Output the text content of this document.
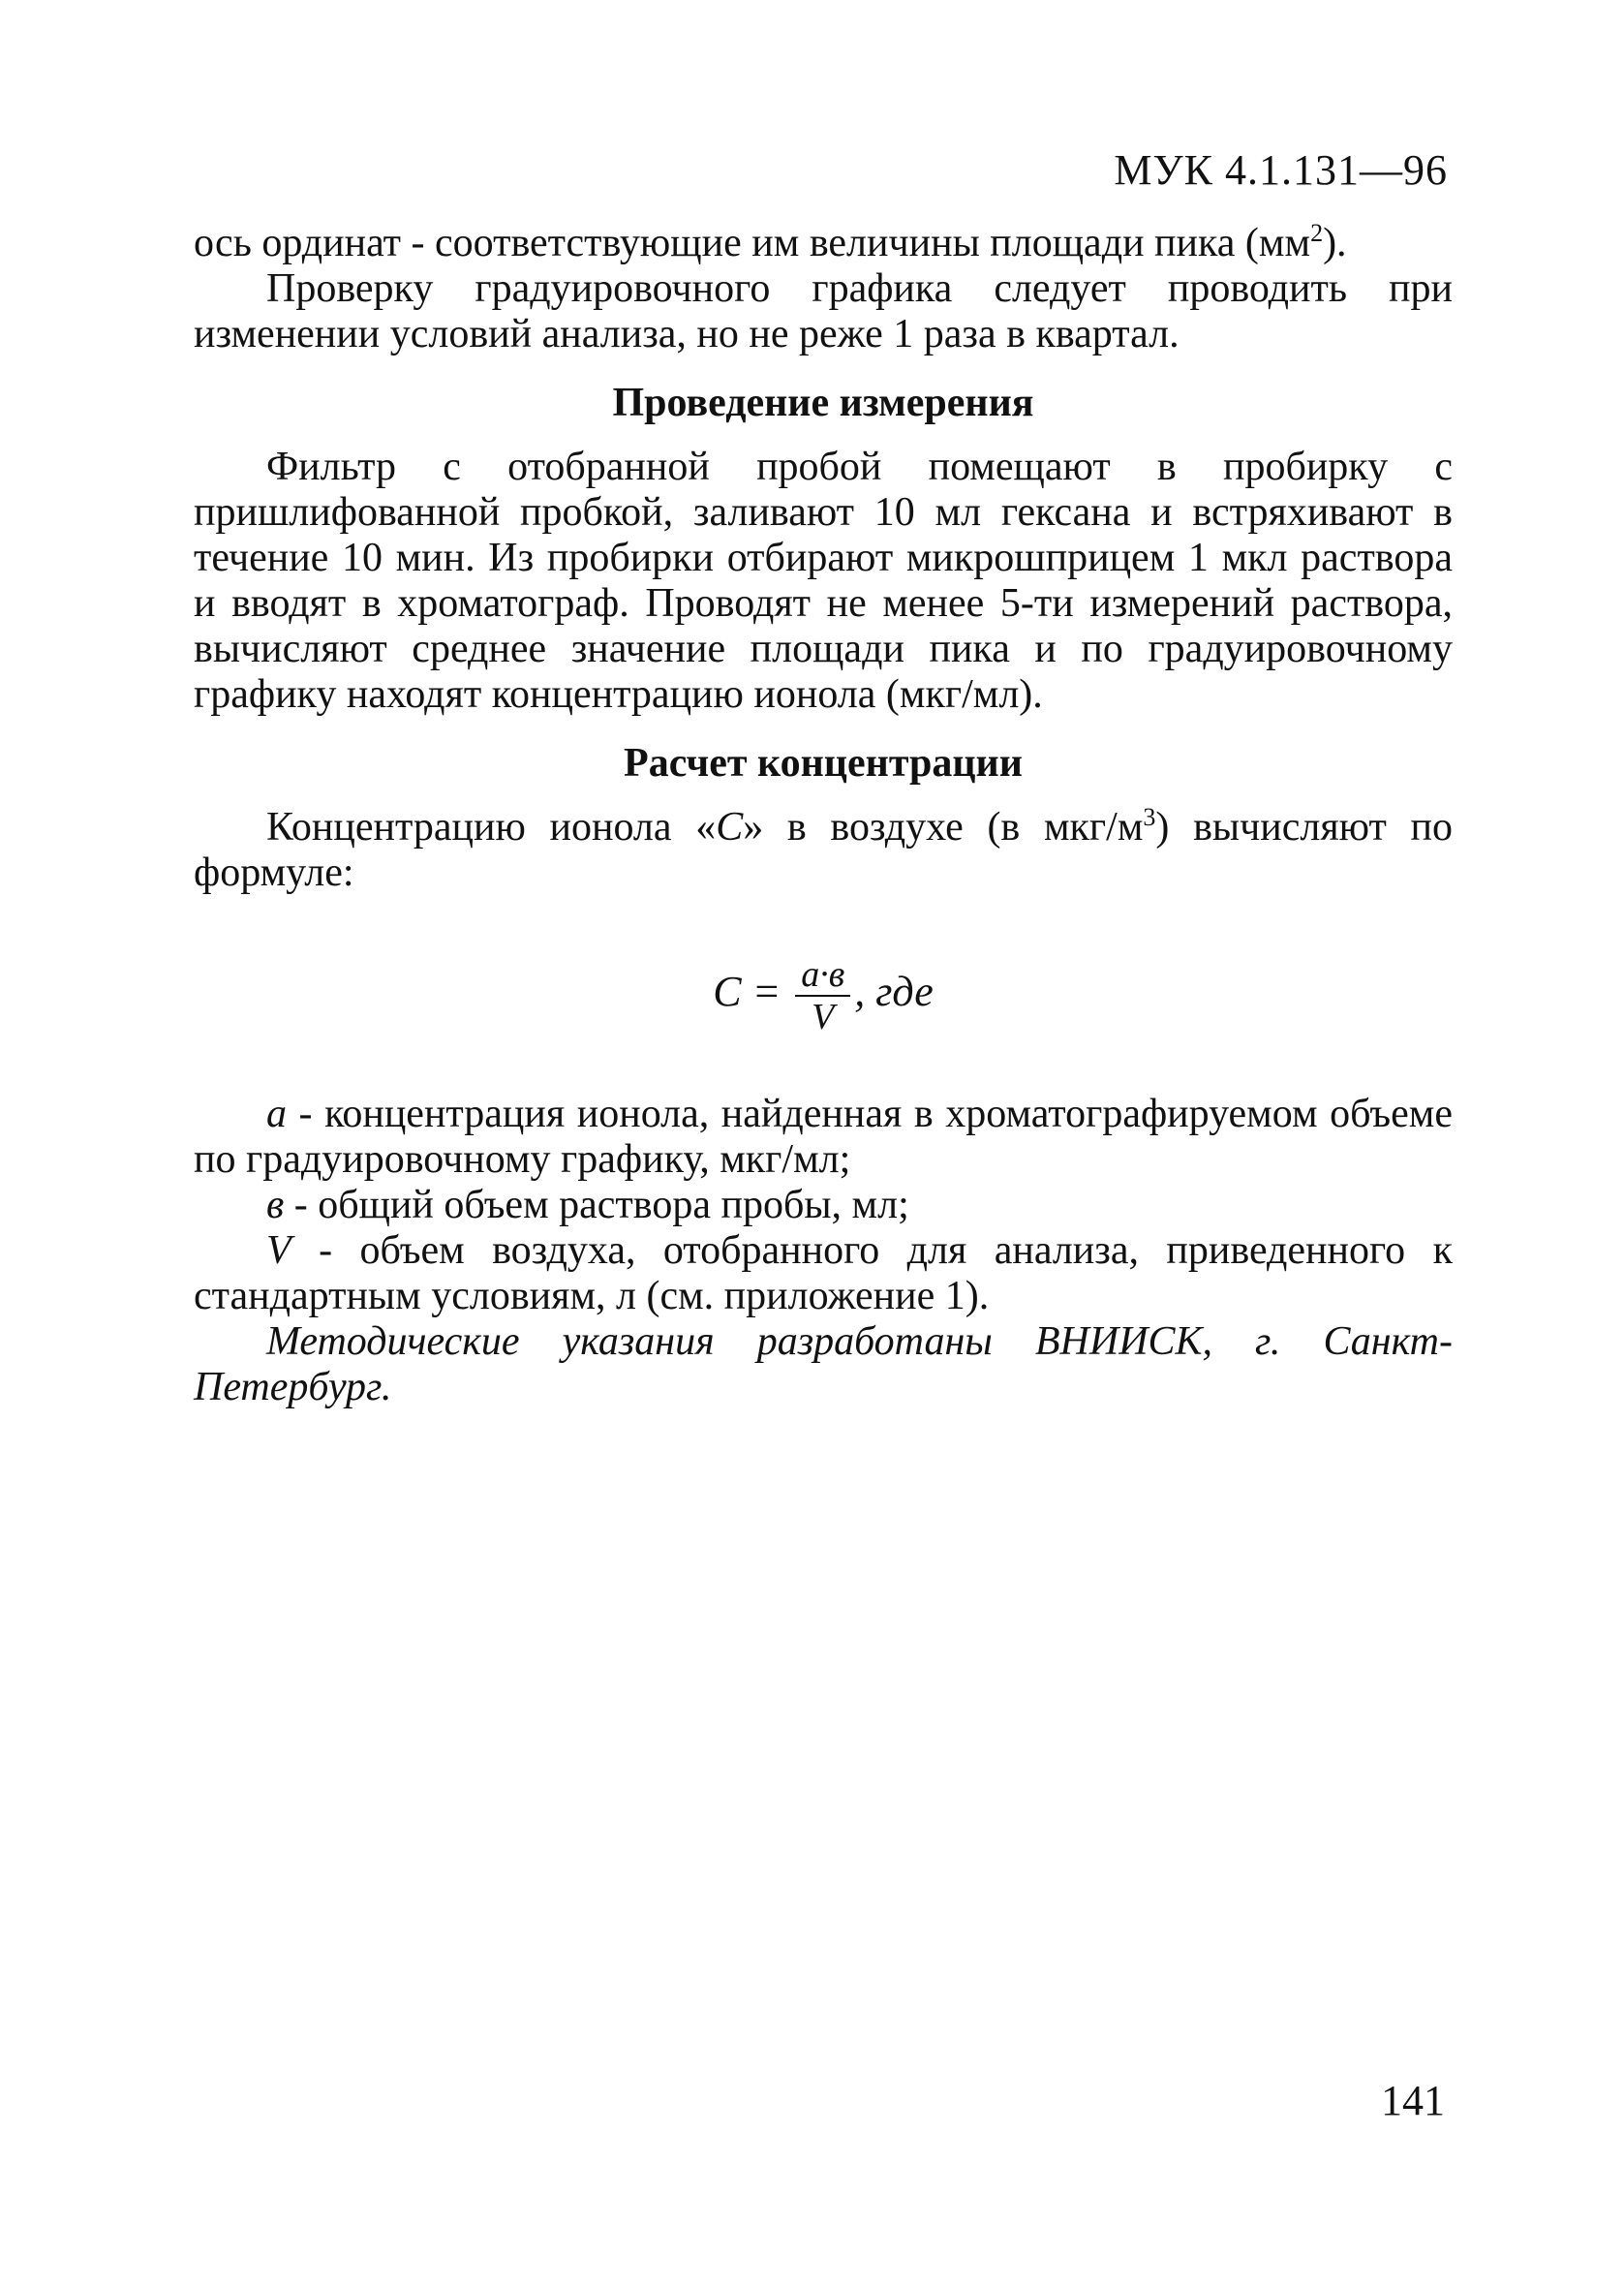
МУК 4.1.131—96

ось ординат - соответствующие им величины площади пика $(мм^2)$.

Проверку градуировочного графика следует проводить при изменении условий анализа, но не реже 1 раза в квартал.

Проведение измерения

Фильтр с отобранной пробой помещают в пробирку с пришлифованной пробкой, заливают 10 мл гексана и встряхивают в течение 10 мин. Из пробирки отбирают микрошприцем 1 мкл раствора и вводят в хроматограф. Проводят не менее 5-ти измерений раствора, вычисляют среднее значение площади пика и по градуировочному графику находят концентрацию ионола (мкг/мл).

Расчет концентрации

Концентрацию ионола «С» в воздухе (в мкг/$м^3$) вычисляют по формуле:

$С = \frac{а\cdot в}{V}$ , где

а - концентрация ионола, найденная в хроматографируемом объеме по градуировочному графику, мкг/мл;

в - общий объем раствора пробы, мл;

V - объем воздуха, отобранного для анализа, приведенного к стандартным условиям, л (см. приложение 1).

Методические указания разработаны ВНИИСК, г. Санкт-Петербург.

141
